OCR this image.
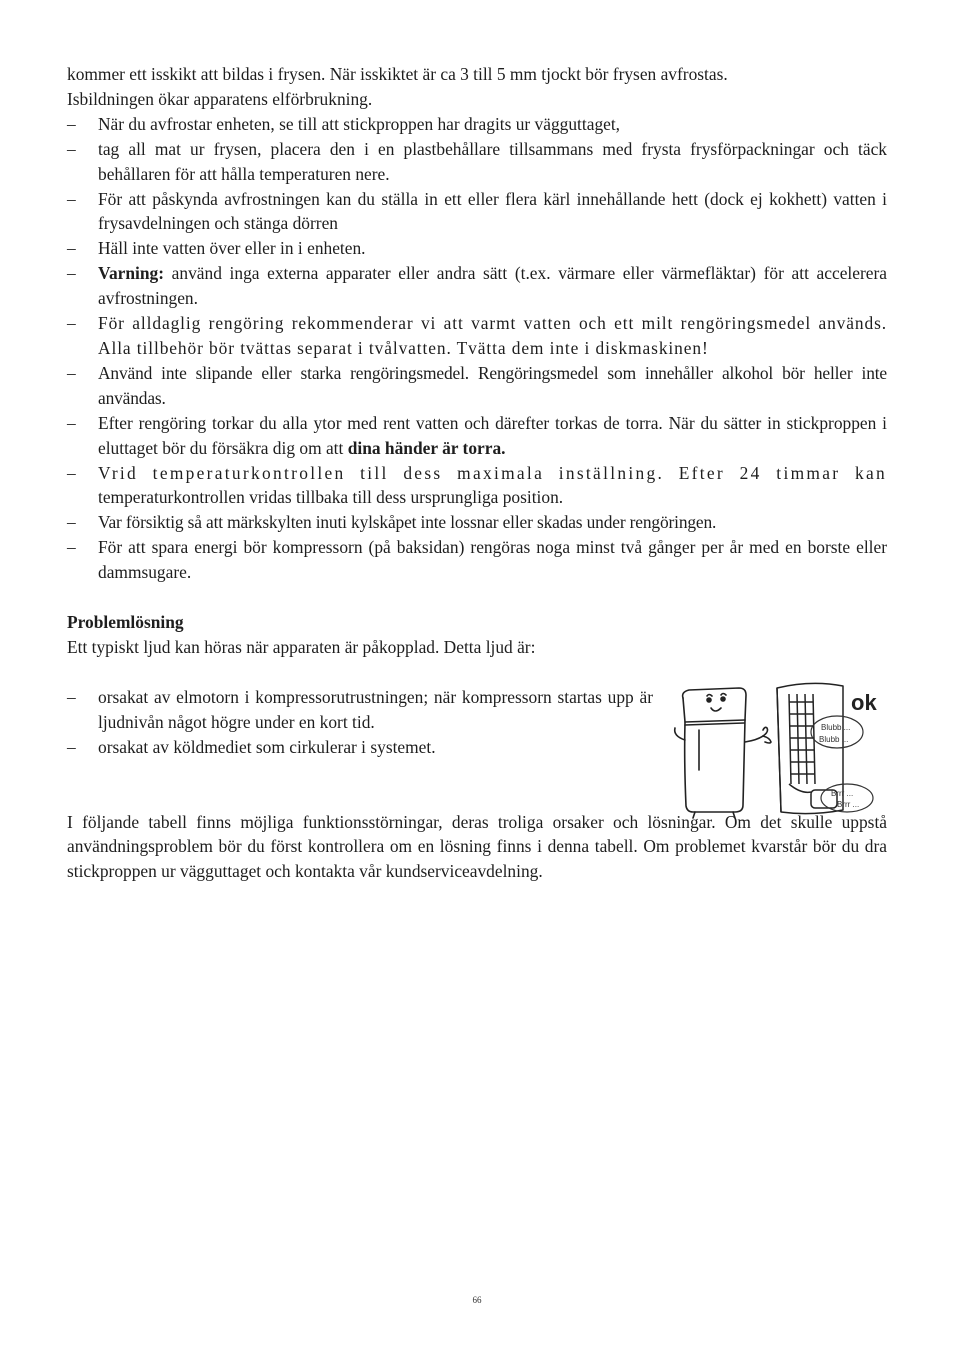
kommer ett isskikt att bildas i frysen. När isskiktet är ca 3 till 5 mm tjockt bör frysen avfrostas.

Isbildningen ökar apparatens elförbrukning.

– När du avfrostar enheten, se till att stickproppen har dragits ur vägguttaget,
– tag all mat ur frysen, placera den i en plastbehållare tillsammans med frysta frysförpackningar och täck behållaren för att hålla temperaturen nere.
– För att påskynda avfrostningen kan du ställa in ett eller flera kärl innehållande hett (dock ej kokhett) vatten i frysavdelningen och stänga dörren
– Häll inte vatten över eller in i enheten.
– Varning: använd inga externa apparater eller andra sätt (t.ex. värmare eller värmefläktar) för att accelerera avfrostningen.
– För alldaglig rengöring rekommenderar vi att varmt vatten och ett milt rengöringsmedel används. Alla tillbehör bör tvättas separat i tvålvatten. Tvätta dem inte i diskmaskinen!
– Använd inte slipande eller starka rengöringsmedel. Rengöringsmedel som innehåller alkohol bör heller inte användas.
– Efter rengöring torkar du alla ytor med rent vatten och därefter torkas de torra. När du sätter in stickproppen i eluttaget bör du försäkra dig om att dina händer är torra.
– Vrid temperaturkontrollen till dess maximala inställning. Efter 24 timmar kan
temperaturkontrollen vridas tillbaka till dess ursprungliga position.
– Var försiktig så att märkskylten inuti kylskåpet inte lossnar eller skadas under rengöringen.
– För att spara energi bör kompressorn (på baksidan) rengöras noga minst två gånger per år med en borste eller dammsugare.
Problemlösning

Ett typiskt ljud kan höras när apparaten är påkopplad. Detta ljud är:

– orsakat av elmotorn i kompressorutrustningen; när kompressorn startas upp är ljudnivån något högre under en kort tid.
– orsakat av köldmediet som cirkulerar i systemet.
ok
Blubb ...
Blubb ...
Brrr ...
Brrr ...

I följande tabell finns möjliga funktionsstörningar, deras troliga orsaker och lösningar. Om det skulle uppstå användningsproblem bör du först kontrollera om en lösning finns i denna tabell. Om problemet kvarstår bör du dra stickproppen ur vägguttaget och kontakta vår kundserviceavdelning.

66
